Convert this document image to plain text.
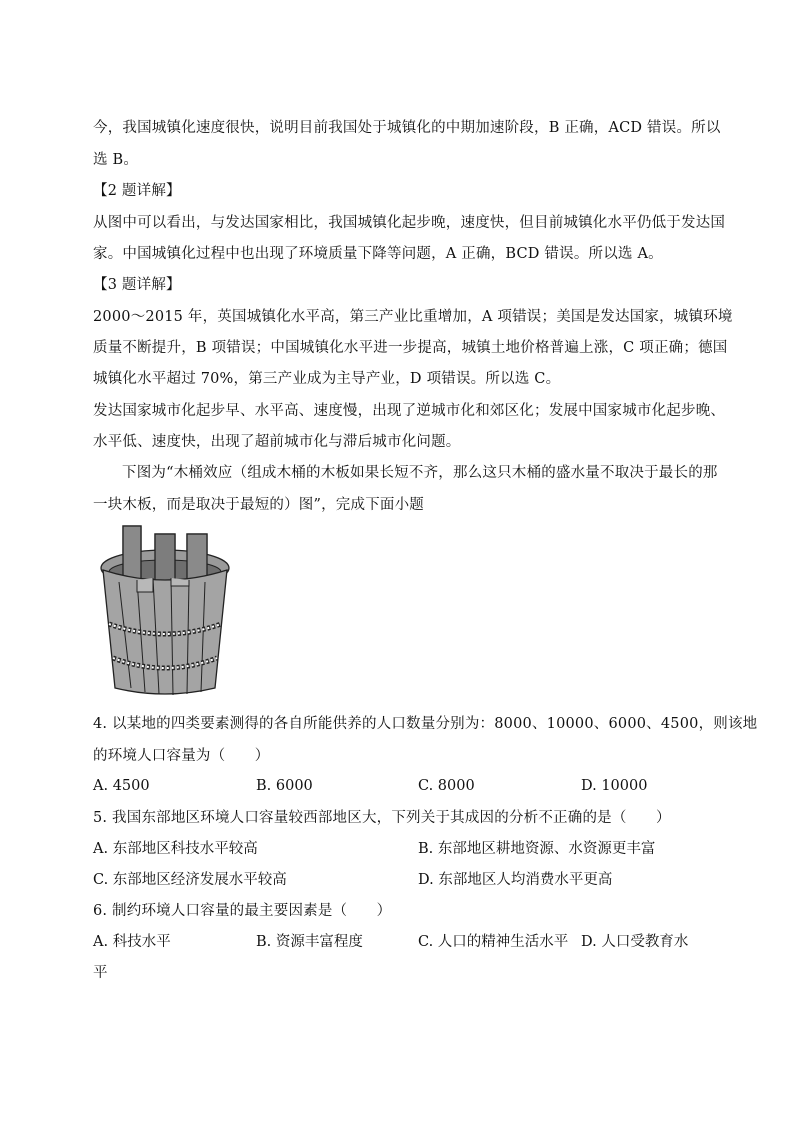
今，我国城镇化速度很快，说明目前我国处于城镇化的中期加速阶段，B 正确，ACD 错误。所以
选 B。
【2 题详解】
从图中可以看出，与发达国家相比，我国城镇化起步晚，速度快，但目前城镇化水平仍低于发达国
家。中国城镇化过程中也出现了环境质量下降等问题，A 正确，BCD 错误。所以选 A。
【3 题详解】
2000～2015 年，英国城镇化水平高，第三产业比重增加，A 项错误；美国是发达国家，城镇环境
质量不断提升，B 项错误；中国城镇化水平进一步提高，城镇土地价格普遍上涨，C 项正确；德国
城镇化水平超过 70%，第三产业成为主导产业，D 项错误。所以选 C。
发达国家城市化起步早、水平高、速度慢，出现了逆城市化和郊区化；发展中国家城市化起步晚、
水平低、速度快，出现了超前城市化与滞后城市化问题。
下图为“木桶效应（组成木桶的木板如果长短不齐，那么这只木桶的盛水量不取决于最长的那
一块木板，而是取决于最短的）图”，完成下面小题
4. 以某地的四类要素测得的各自所能供养的人口数量分别为：8000、10000、6000、4500，则该地
的环境人口容量为（　　）
A. 4500	B. 6000	C. 8000	D. 10000
5. 我国东部地区环境人口容量较西部地区大，下列关于其成因的分析不正确的是（　　）
A. 东部地区科技水平较高	B. 东部地区耕地资源、水资源更丰富
C. 东部地区经济发展水平较高	D. 东部地区人均消费水平更高
6. 制约环境人口容量的最主要因素是（　　）
A. 科技水平	B. 资源丰富程度	C. 人口的精神生活水平 D. 人口受教育水
平
